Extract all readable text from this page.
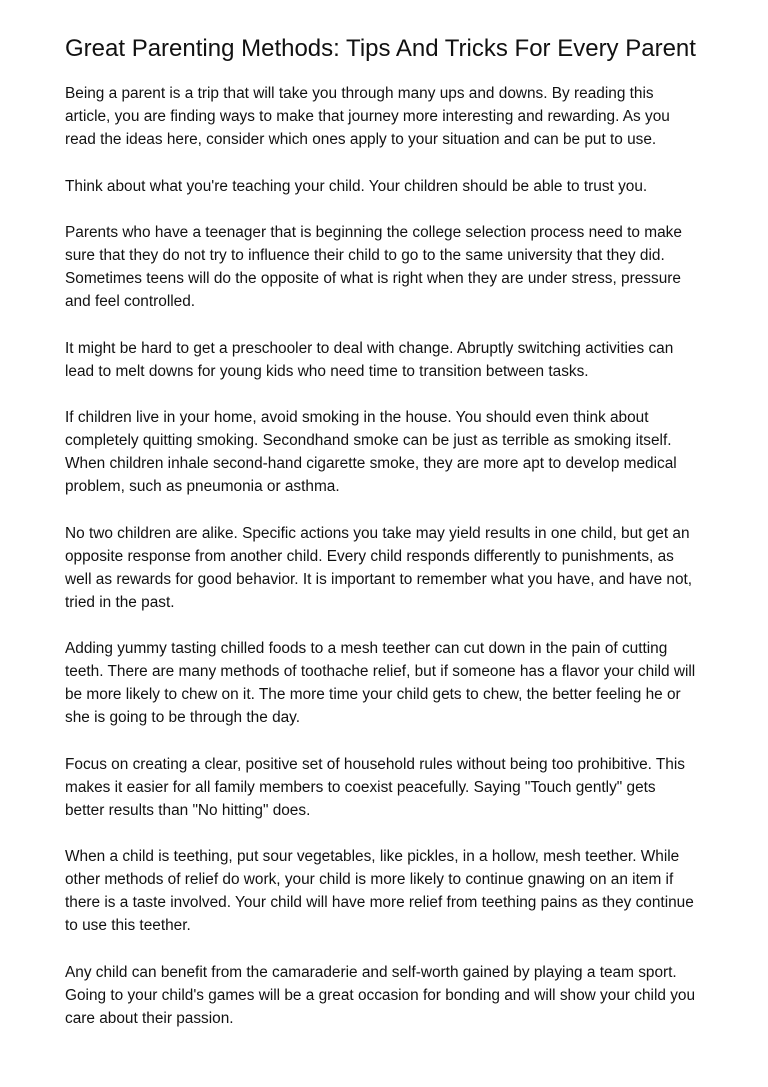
Great Parenting Methods: Tips And Tricks For Every Parent

Being a parent is a trip that will take you through many ups and downs. By reading this
article, you are finding ways to make that journey more interesting and rewarding. As you
read the ideas here, consider which ones apply to your situation and can be put to use.

Think about what you're teaching your child. Your children should be able to trust you.

Parents who have a teenager that is beginning the college selection process need to make
sure that they do not try to influence their child to go to the same university that they did.
Sometimes teens will do the opposite of what is right when they are under stress, pressure
and feel controlled.

It might be hard to get a preschooler to deal with change. Abruptly switching activities can
lead to melt downs for young kids who need time to transition between tasks.

If children live in your home, avoid smoking in the house. You should even think about
completely quitting smoking. Secondhand smoke can be just as terrible as smoking itself.
When children inhale second-hand cigarette smoke, they are more apt to develop medical
problem, such as pneumonia or asthma.

No two children are alike. Specific actions you take may yield results in one child, but get an
opposite response from another child. Every child responds differently to punishments, as
well as rewards for good behavior. It is important to remember what you have, and have not,
tried in the past.

Adding yummy tasting chilled foods to a mesh teether can cut down in the pain of cutting
teeth. There are many methods of toothache relief, but if someone has a flavor your child will
be more likely to chew on it. The more time your child gets to chew, the better feeling he or
she is going to be through the day.

Focus on creating a clear, positive set of household rules without being too prohibitive. This
makes it easier for all family members to coexist peacefully. Saying "Touch gently" gets
better results than "No hitting" does.

When a child is teething, put sour vegetables, like pickles, in a hollow, mesh teether. While
other methods of relief do work, your child is more likely to continue gnawing on an item if
there is a taste involved. Your child will have more relief from teething pains as they continue
to use this teether.

Any child can benefit from the camaraderie and self-worth gained by playing a team sport.
Going to your child's games will be a great occasion for bonding and will show your child you
care about their passion.
